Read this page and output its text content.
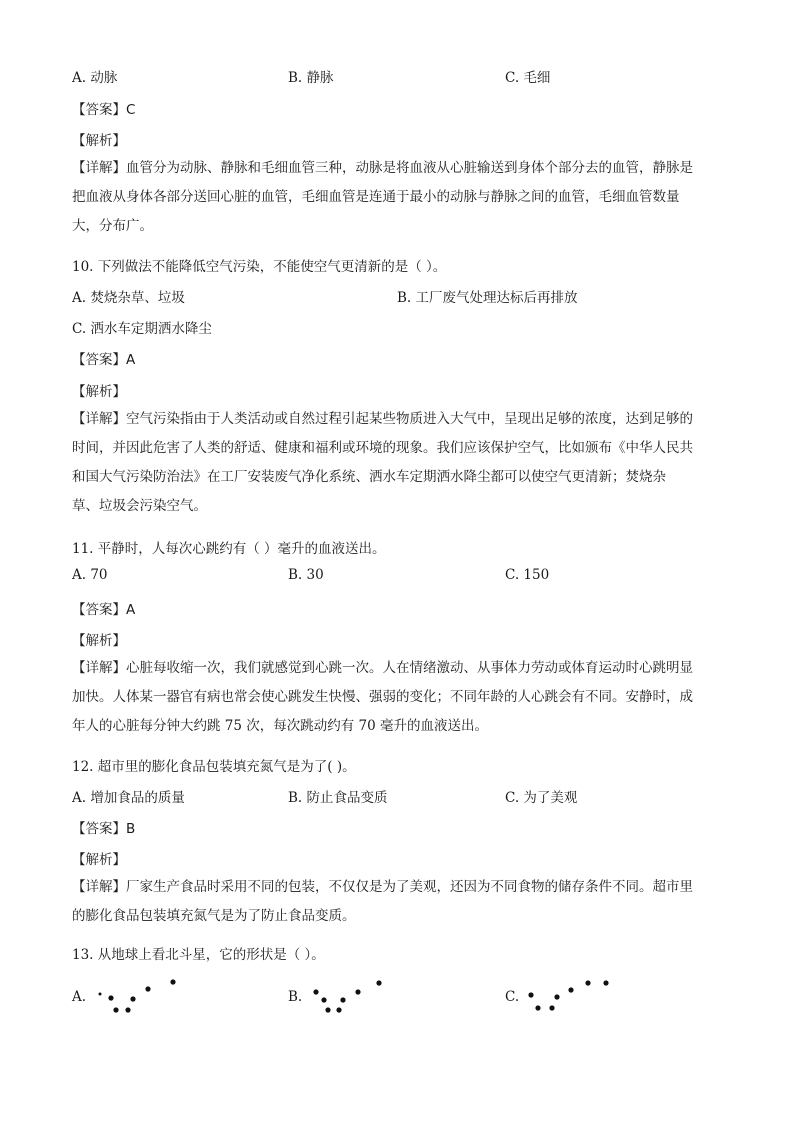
A. 动脉	B. 静脉	C. 毛细
【答案】C
【解析】
【详解】血管分为动脉、静脉和毛细血管三种，动脉是将血液从心脏输送到身体个部分去的血管，静脉是
把血液从身体各部分送回心脏的血管，毛细血管是连通于最小的动脉与静脉之间的血管，毛细血管数量
大，分布广。
10. 下列做法不能降低空气污染，不能使空气更清新的是（ ）。
A. 焚烧杂草、垃圾	B. 工厂废气处理达标后再排放
C. 洒水车定期洒水降尘
【答案】A
【解析】
【详解】空气污染指由于人类活动或自然过程引起某些物质进入大气中，呈现出足够的浓度，达到足够的
时间，并因此危害了人类的舒适、健康和福利或环境的现象。我们应该保护空气，比如颁布《中华人民共
和国大气污染防治法》在工厂安装废气净化系统、洒水车定期洒水降尘都可以使空气更清新；焚烧杂
草、垃圾会污染空气。
11. 平静时，人每次心跳约有（ ）毫升的血液送出。
A. 70	B. 30	C. 150
【答案】A
【解析】
【详解】心脏每收缩一次，我们就感觉到心跳一次。人在情绪激动、从事体力劳动或体育运动时心跳明显
加快。人体某一器官有病也常会使心跳发生快慢、强弱的变化；不同年龄的人心跳会有不同。安静时，成
年人的心脏每分钟大约跳 75 次，每次跳动约有 70 毫升的血液送出。
12. 超市里的膨化食品包装填充氮气是为了( )。
A. 增加食品的质量	B. 防止食品变质	C. 为了美观
【答案】B
【解析】
【详解】厂家生产食品时采用不同的包装，不仅仅是为了美观，还因为不同食物的储存条件不同。超市里
的膨化食品包装填充氮气是为了防止食品变质。
13. 从地球上看北斗星，它的形状是（ ）。
A.	B.	C.
